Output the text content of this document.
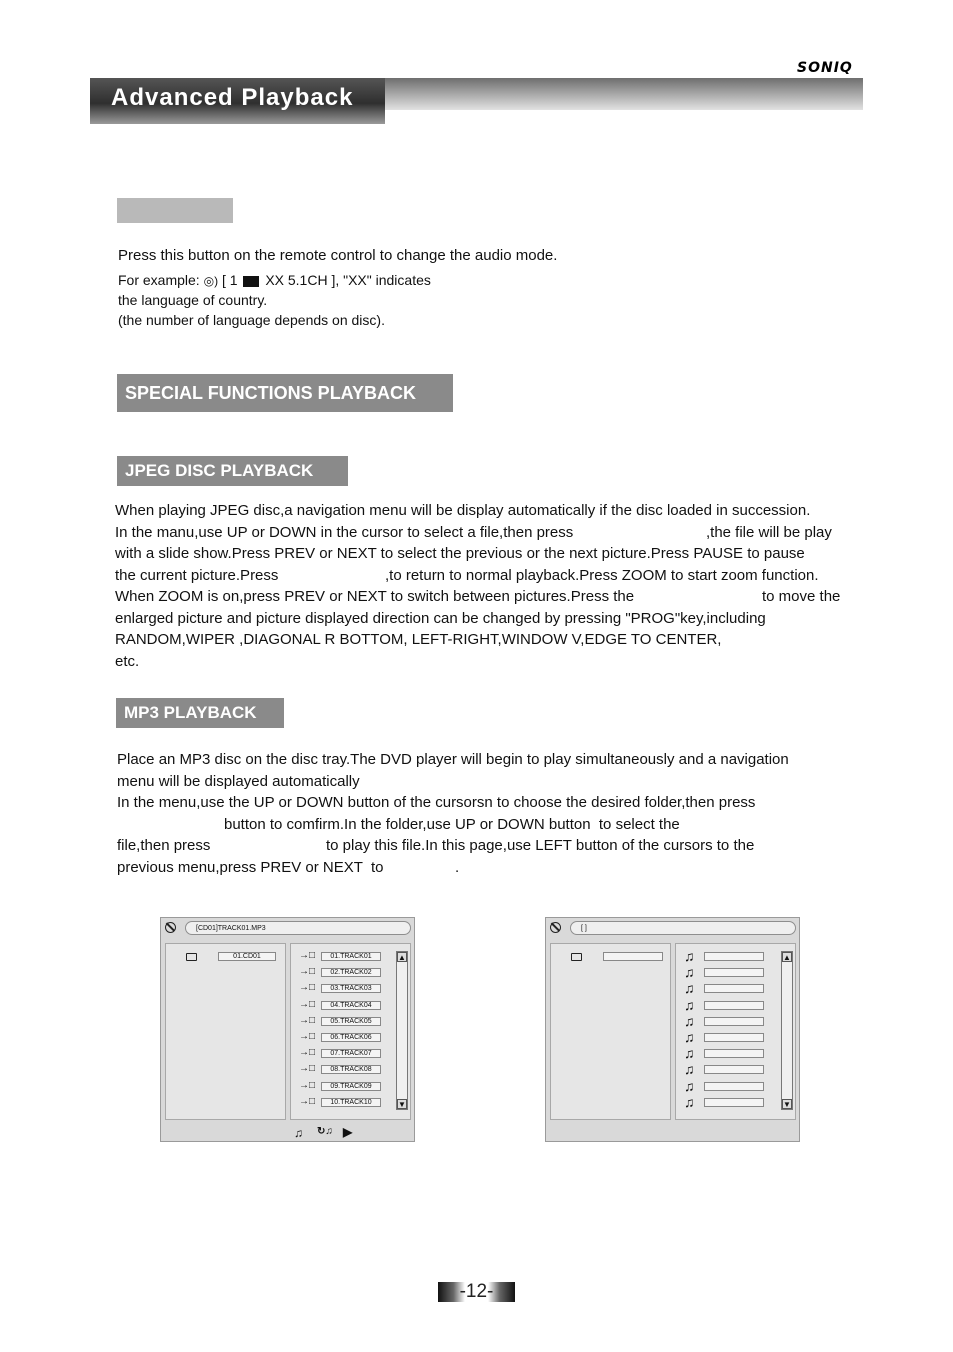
SONIQ
Advanced Playback
Press this button on the remote control to change the audio mode.
For example: ◎) [ 1 XX 5.1CH ], "XX" indicates
the language of country.
(the number of language depends on disc).
SPECIAL FUNCTIONS PLAYBACK
JPEG DISC PLAYBACK
When playing JPEG disc,a navigation menu will be display automatically if the disc loaded in succession.
In the manu,use UP or DOWN in the cursor to select a file,then press	,the file will be play
with a slide show.Press PREV or NEXT to select the previous or the next picture.Press PAUSE to pause
the current picture.Press	,to return to normal playback.Press ZOOM to start zoom function.
When ZOOM is on,press PREV or NEXT to switch between pictures.Press the	to move the
enlarged picture and picture displayed direction can be changed by pressing "PROG"key,including
RANDOM,WIPER ,DIAGONAL R BOTTOM, LEFT-RIGHT,WINDOW V,EDGE TO CENTER,
etc.
MP3 PLAYBACK
Place an MP3 disc on the disc tray.The DVD player will begin to play simultaneously and a navigation
menu will be displayed automatically
In the menu,use the UP or DOWN button of the cursorsn to choose the desired folder,then press
button to comfirm.In the folder,use UP or DOWN button  to select the
file,then press	to play this file.In this page,use LEFT button of the cursors to the
previous menu,press PREV or NEXT  to	.
[CD01]TRACK01.MP3
01.CD01	→□	01.TRACK01
→□	02.TRACK02
→□	03.TRACK03
→□	04.TRACK04
→□	05.TRACK05
→□	06.TRACK06
→□	07.TRACK07
→□	08.TRACK08
→□	09.TRACK09
→□	10.TRACK10
▲
▼
♫ ↻♫ ▶
[ ]
♫
♫
♫
♫
♫
♫
♫
♫
♫
♫
▲
▼
-12-
